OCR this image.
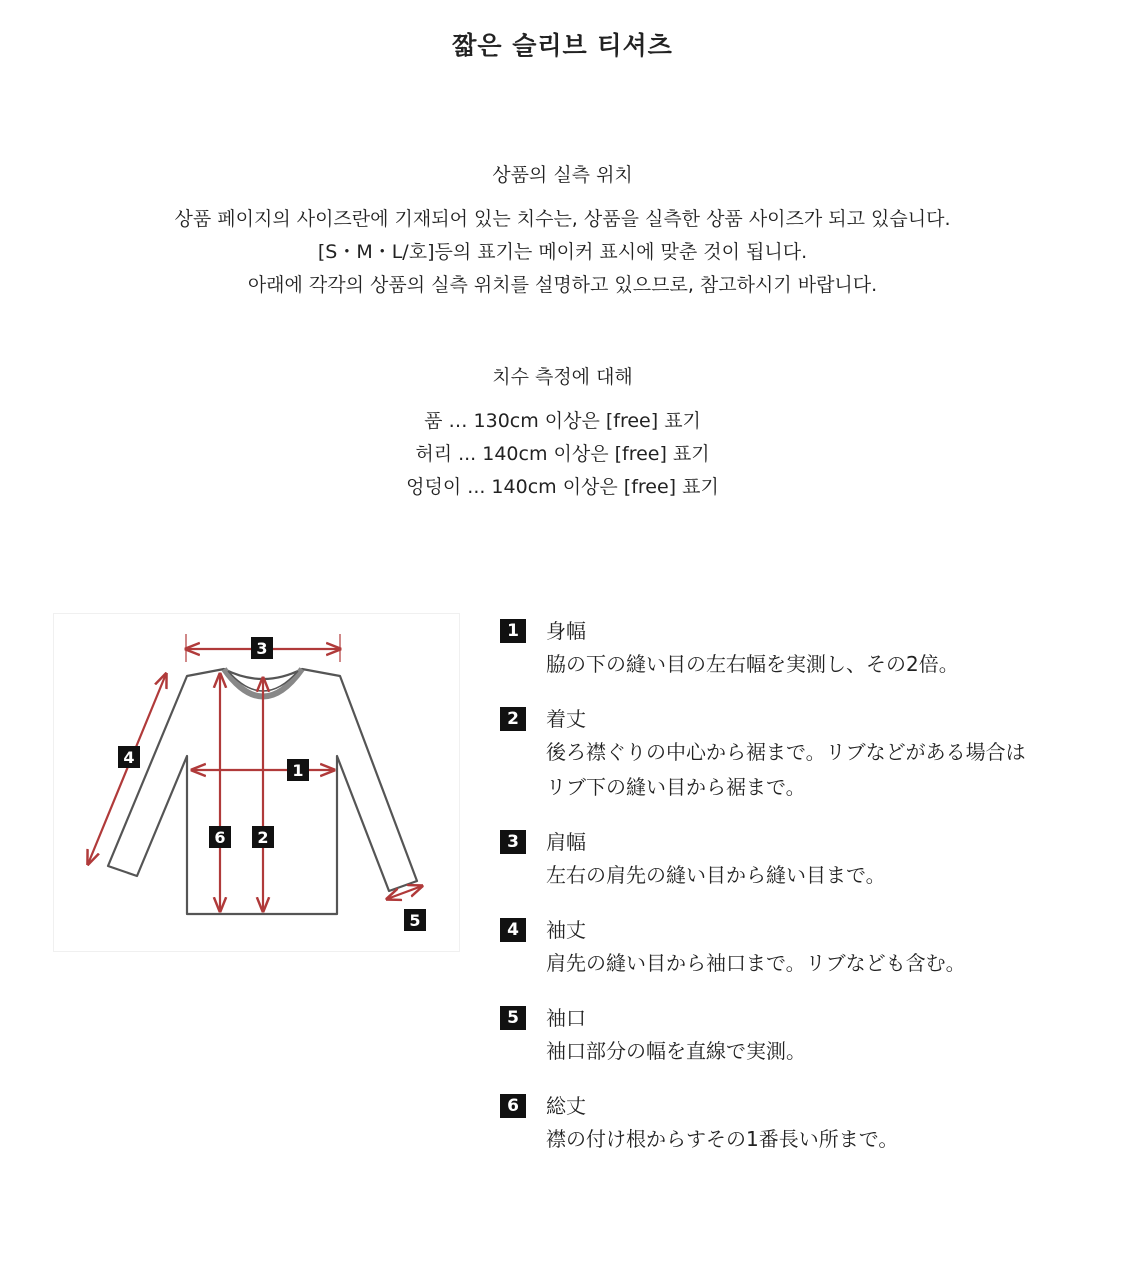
짧은 슬리브 티셔츠
상품의 실측 위치
상품 페이지의 사이즈란에 기재되어 있는 치수는, 상품을 실측한 상품 사이즈가 되고 있습니다.
[S・M・L/호]등의 표기는 메이커 표시에 맞춘 것이 됩니다.
아래에 각각의 상품의 실측 위치를 설명하고 있으므로, 참고하시기 바랍니다.
치수 측정에 대해
품 … 130cm 이상은 [free] 표기
허리 ... 140cm 이상은 [free] 표기
엉덩이 ... 140cm 이상은 [free] 표기
3
1
6 2
4
5
1	身幅
脇の下の縫い目の左右幅を実測し、その2倍。
2	着丈
後ろ襟ぐりの中心から裾まで。リブなどがある場合は
リブ下の縫い目から裾まで。
3	肩幅
左右の肩先の縫い目から縫い目まで。
4	袖丈
肩先の縫い目から袖口まで。リブなども含む。
5	袖口
袖口部分の幅を直線で実測。
6	総丈
襟の付け根からすその1番長い所まで。
